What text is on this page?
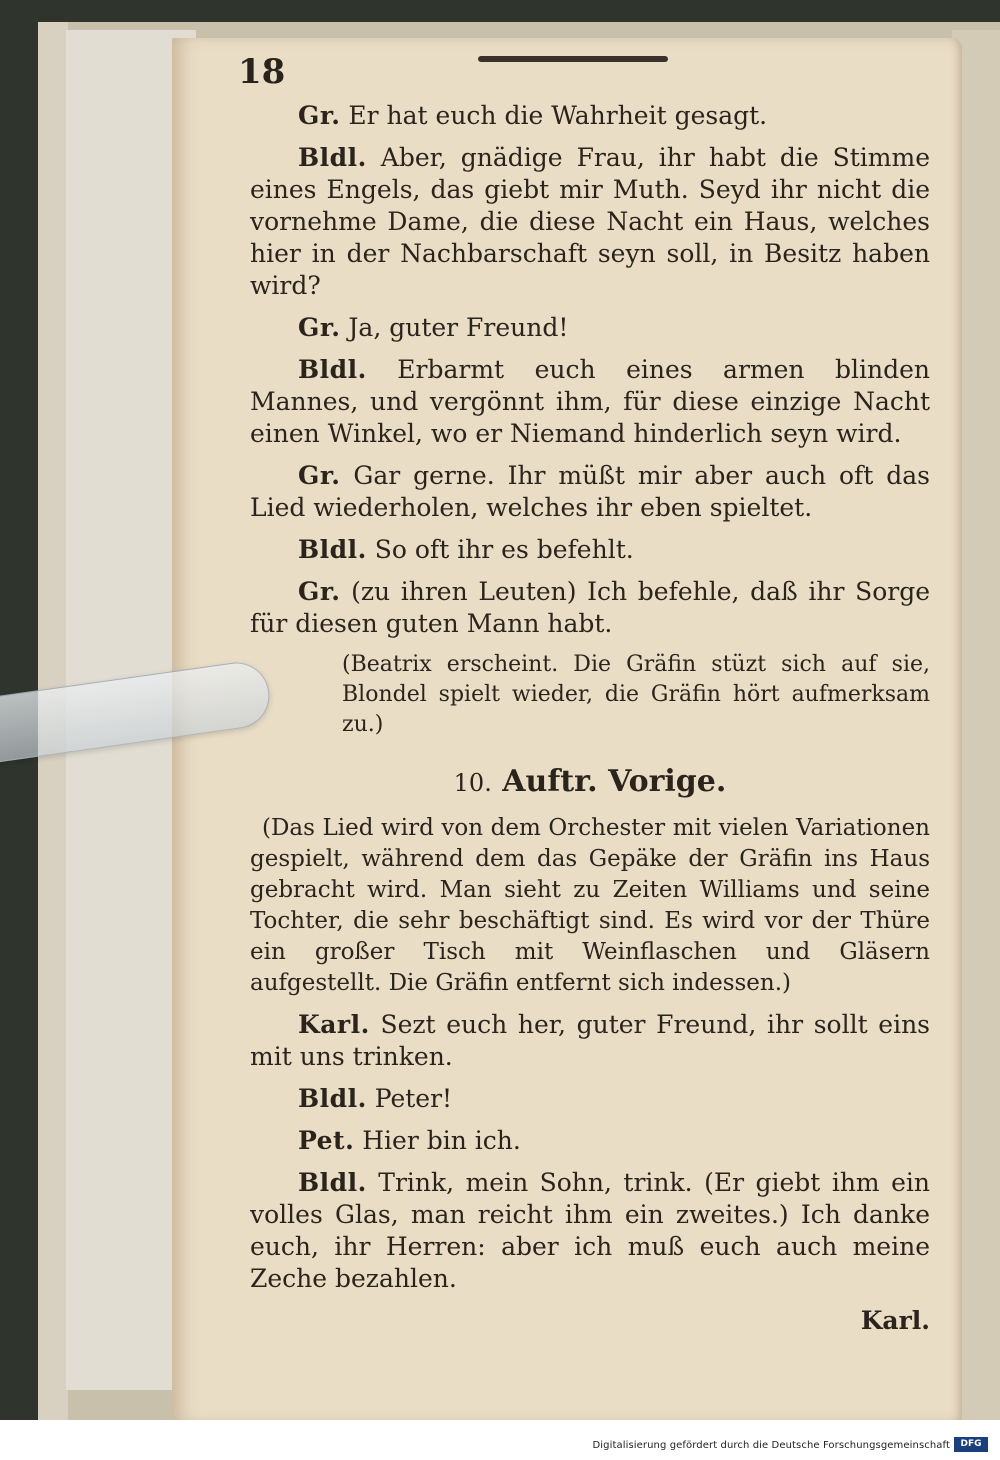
18

Gr. Er hat euch die Wahrheit gesagt.

Bldl. Aber, gnädige Frau, ihr habt die Stimme eines Engels, das giebt mir Muth. Seyd ihr nicht die vornehme Dame, die diese Nacht ein Haus, welches hier in der Nachbarschaft seyn soll, in Besitz haben wird?

Gr. Ja, guter Freund!

Bldl. Erbarmt euch eines armen blinden Mannes, und vergönnt ihm, für diese einzige Nacht einen Winkel, wo er Niemand hinderlich seyn wird.

Gr. Gar gerne. Ihr müßt mir aber auch oft das Lied wiederholen, welches ihr eben spieltet.

Bldl. So oft ihr es befehlt.

Gr. (zu ihren Leuten) Ich befehle, daß ihr Sorge für diesen guten Mann habt.

(Beatrix erscheint. Die Gräfin stüzt sich auf sie, Blondel spielt wieder, die Gräfin hört aufmerksam zu.)

10. Auftr. Vorige.

(Das Lied wird von dem Orchester mit vielen Variationen gespielt, während dem das Gepäke der Gräfin ins Haus gebracht wird. Man sieht zu Zeiten Williams und seine Tochter, die sehr beschäftigt sind. Es wird vor der Thüre ein großer Tisch mit Weinflaschen und Gläsern aufgestellt. Die Gräfin entfernt sich indessen.)

Karl. Sezt euch her, guter Freund, ihr sollt eins mit uns trinken.

Bldl. Peter!

Pet. Hier bin ich.

Bldl. Trink, mein Sohn, trink. (Er giebt ihm ein volles Glas, man reicht ihm ein zweites.) Ich danke euch, ihr Herren: aber ich muß euch auch meine Zeche bezahlen.

Karl.
Digitalisierung gefördert durch die Deutsche Forschungsgemeinschaft	DFG
